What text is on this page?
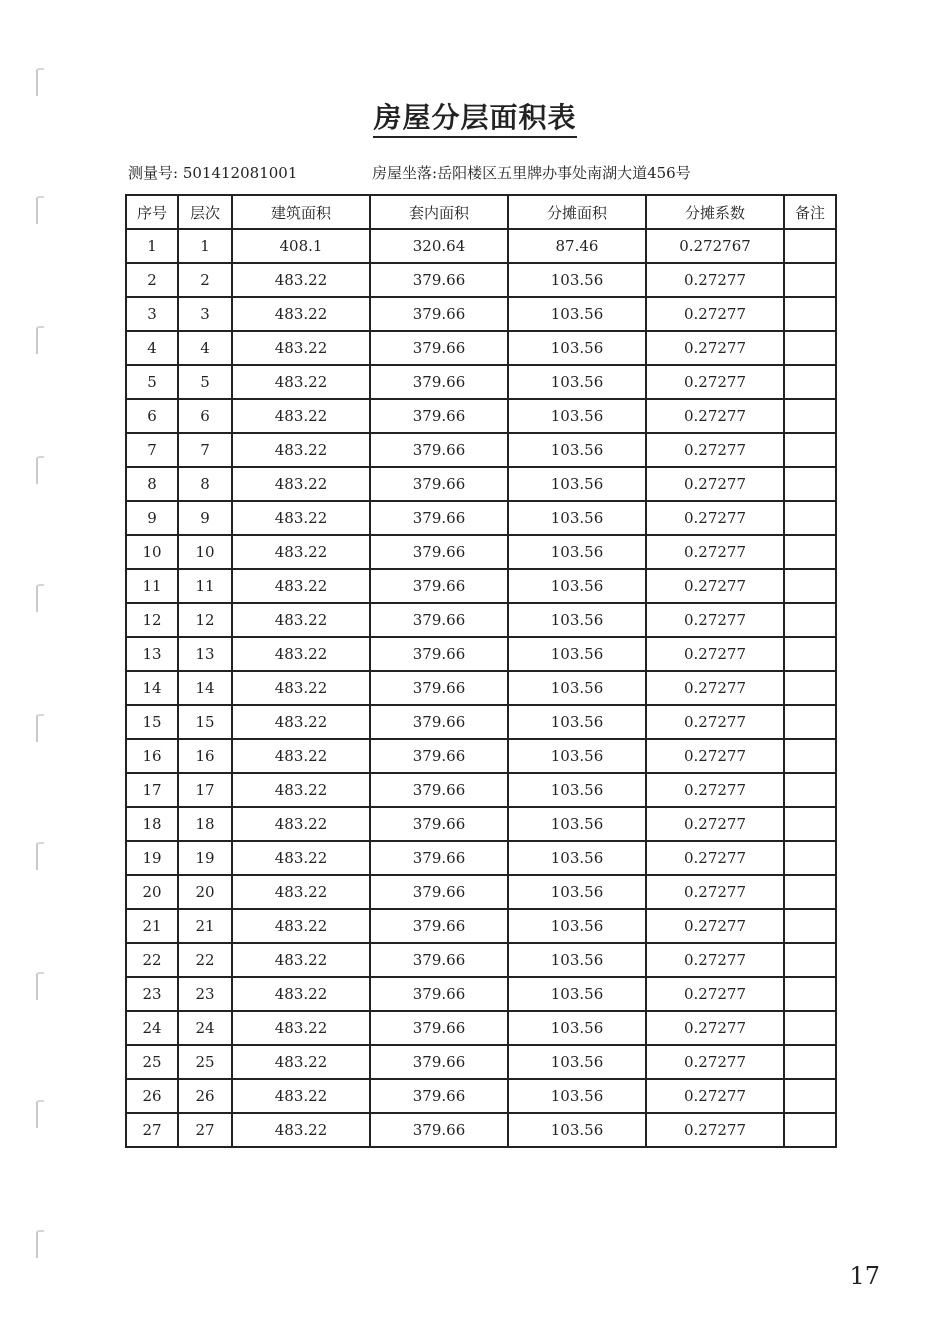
房屋分层面积表
测量号: 501412081001	房屋坐落:岳阳楼区五里牌办事处南湖大道456号
序号	层次	建筑面积	套内面积	分摊面积	分摊系数	备注
1	1	408.1	320.64	87.46	0.272767	
2	2	483.22	379.66	103.56	0.27277	
3	3	483.22	379.66	103.56	0.27277	
4	4	483.22	379.66	103.56	0.27277	
5	5	483.22	379.66	103.56	0.27277	
6	6	483.22	379.66	103.56	0.27277	
7	7	483.22	379.66	103.56	0.27277	
8	8	483.22	379.66	103.56	0.27277	
9	9	483.22	379.66	103.56	0.27277	
10	10	483.22	379.66	103.56	0.27277	
11	11	483.22	379.66	103.56	0.27277	
12	12	483.22	379.66	103.56	0.27277	
13	13	483.22	379.66	103.56	0.27277	
14	14	483.22	379.66	103.56	0.27277	
15	15	483.22	379.66	103.56	0.27277	
16	16	483.22	379.66	103.56	0.27277	
17	17	483.22	379.66	103.56	0.27277	
18	18	483.22	379.66	103.56	0.27277	
19	19	483.22	379.66	103.56	0.27277	
20	20	483.22	379.66	103.56	0.27277	
21	21	483.22	379.66	103.56	0.27277	
22	22	483.22	379.66	103.56	0.27277	
23	23	483.22	379.66	103.56	0.27277	
24	24	483.22	379.66	103.56	0.27277	
25	25	483.22	379.66	103.56	0.27277	
26	26	483.22	379.66	103.56	0.27277	
27	27	483.22	379.66	103.56	0.27277	
17
